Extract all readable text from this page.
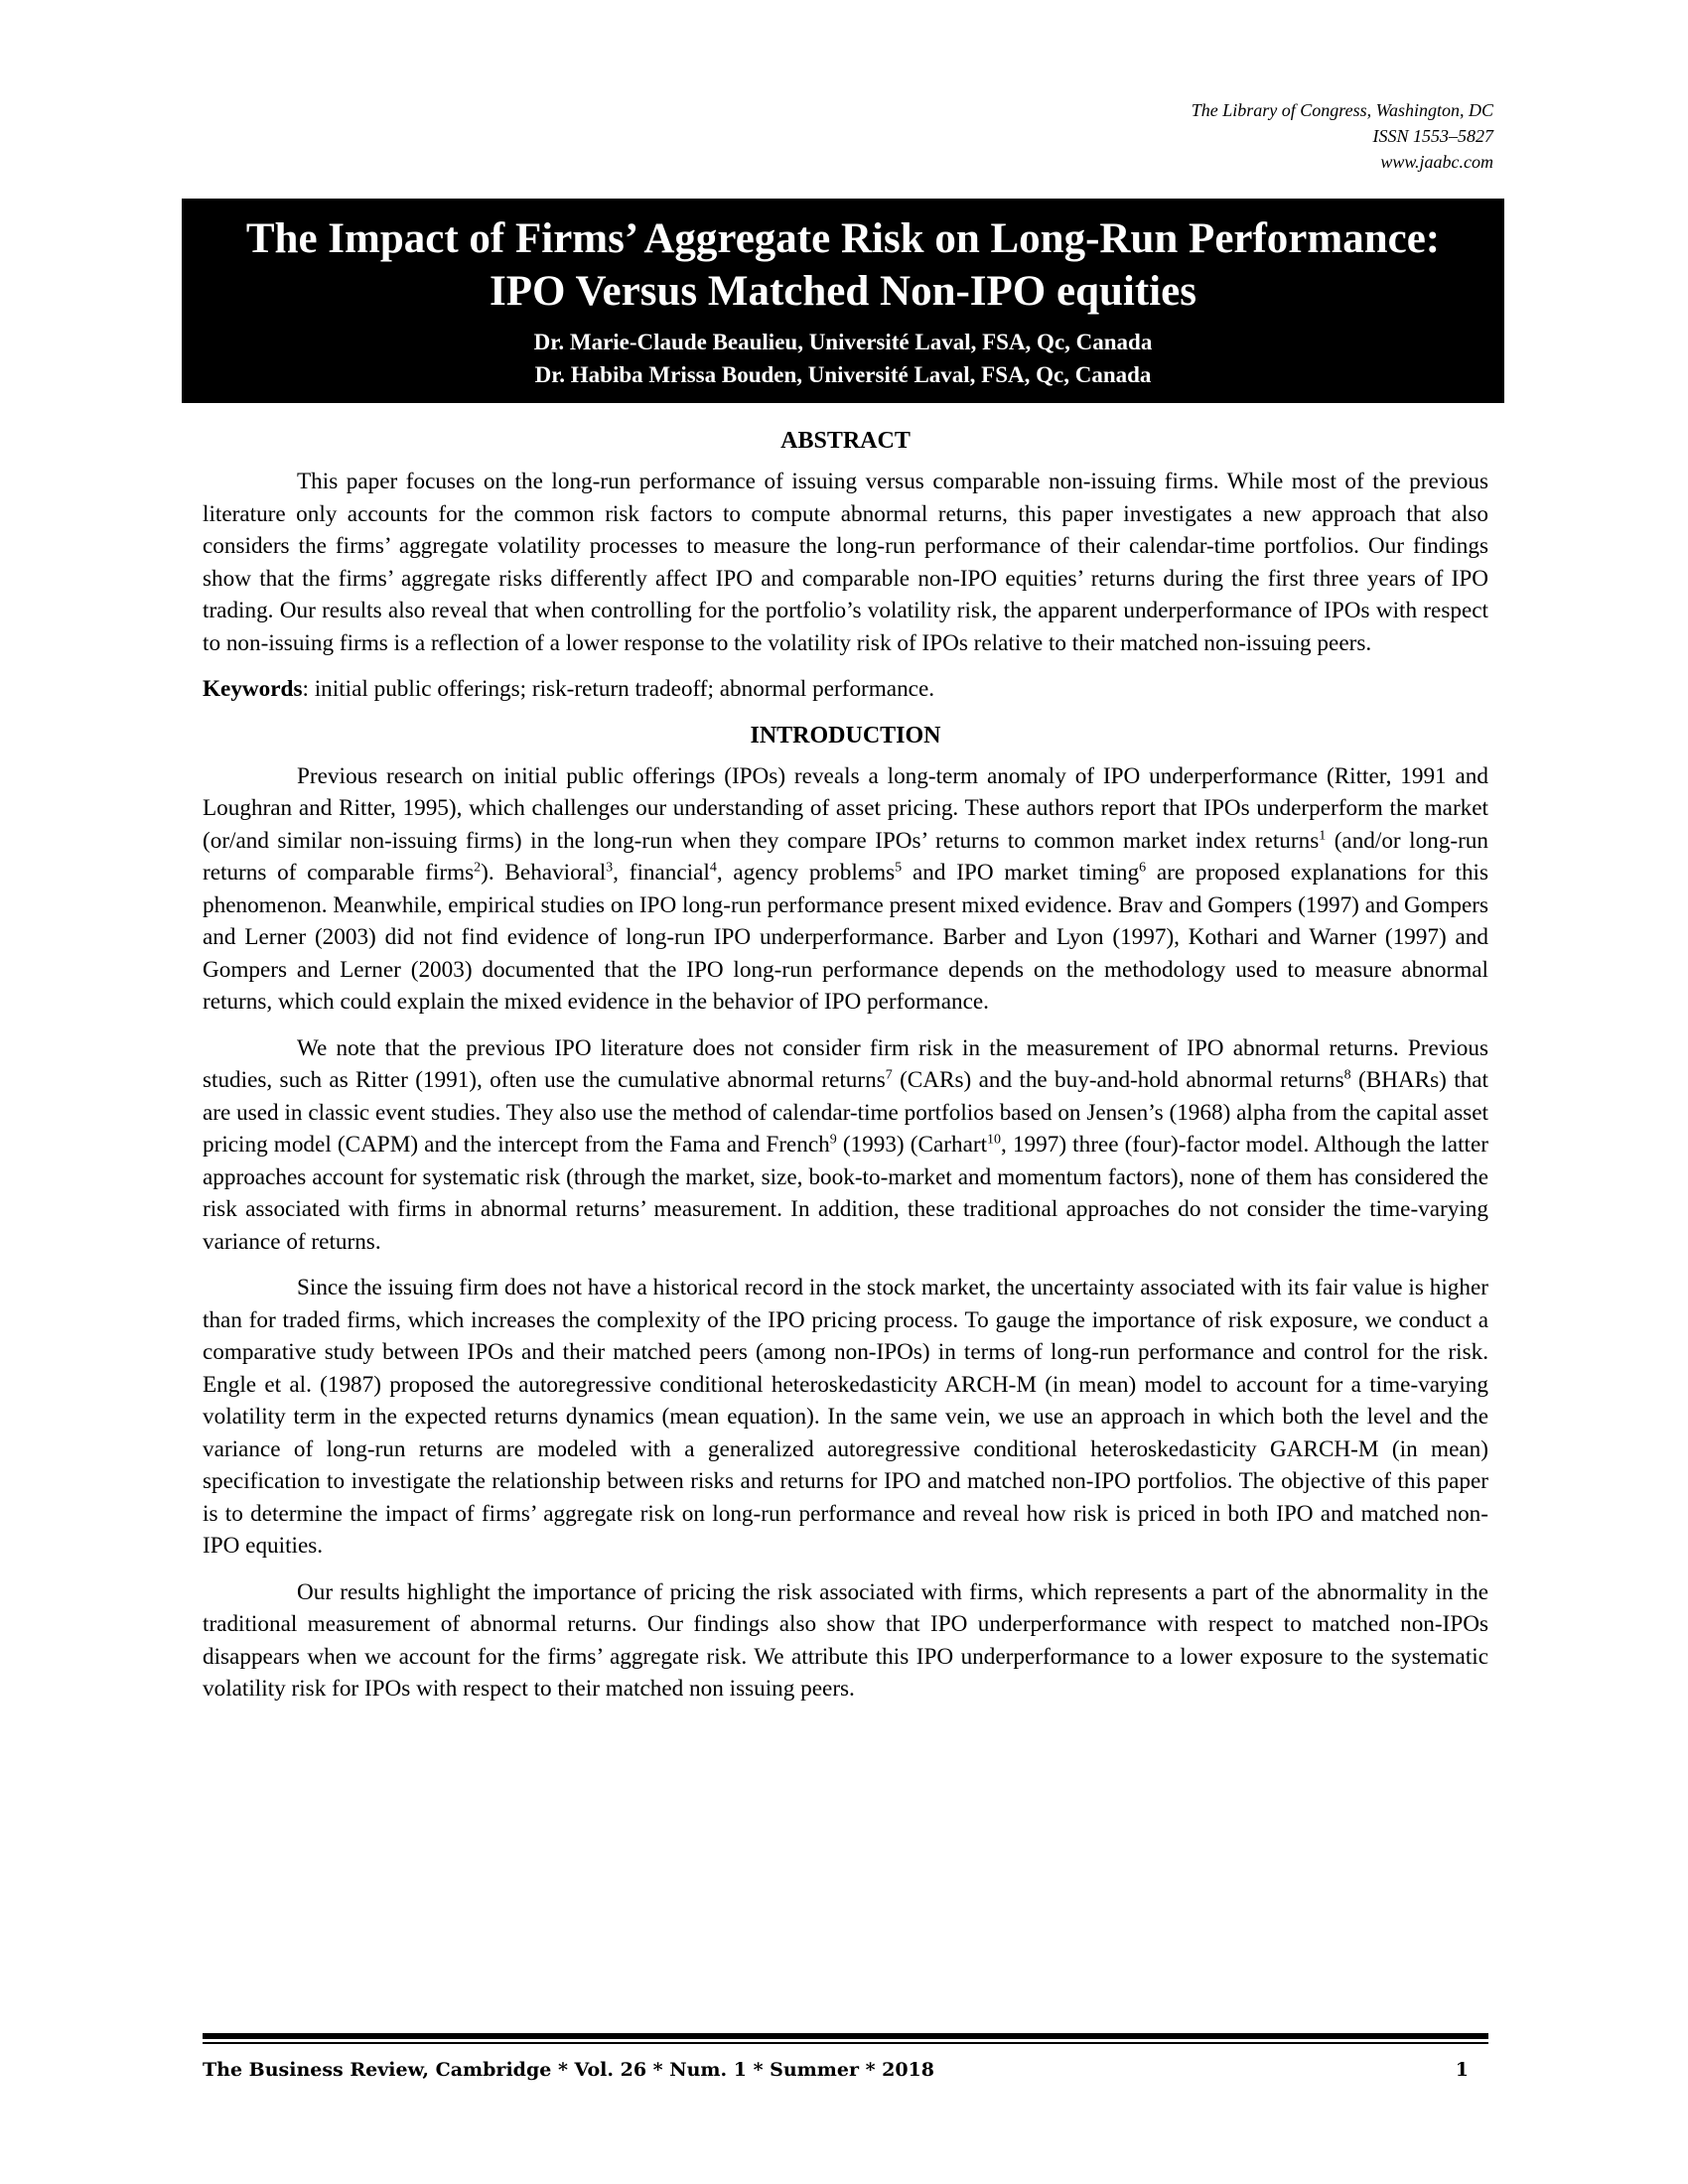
The Library of Congress, Washington, DC
ISSN 1553–5827
www.jaabc.com
The Impact of Firms’ Aggregate Risk on Long-Run Performance:
IPO Versus Matched Non-IPO equities
Dr. Marie-Claude Beaulieu, Université Laval, FSA, Qc, Canada
Dr. Habiba Mrissa Bouden, Université Laval, FSA, Qc, Canada
ABSTRACT

This paper focuses on the long-run performance of issuing versus comparable non-issuing firms. While most of the previous literature only accounts for the common risk factors to compute abnormal returns, this paper investigates a new approach that also considers the firms’ aggregate volatility processes to measure the long-run performance of their calendar-time portfolios. Our findings show that the firms’ aggregate risks differently affect IPO and comparable non-IPO equities’ returns during the first three years of IPO trading. Our results also reveal that when controlling for the portfolio’s volatility risk, the apparent underperformance of IPOs with respect to non-issuing firms is a reflection of a lower response to the volatility risk of IPOs relative to their matched non-issuing peers.

Keywords: initial public offerings; risk-return tradeoff; abnormal performance.

INTRODUCTION

Previous research on initial public offerings (IPOs) reveals a long-term anomaly of IPO underperformance (Ritter, 1991 and Loughran and Ritter, 1995), which challenges our understanding of asset pricing. These authors report that IPOs underperform the market (or/and similar non-issuing firms) in the long-run when they compare IPOs’ returns to common market index returns$^1$ (and/or long-run returns of comparable firms$^2$). Behavioral$^3$, financial$^4$, agency problems$^5$ and IPO market timing$^6$ are proposed explanations for this phenomenon. Meanwhile, empirical studies on IPO long-run performance present mixed evidence. Brav and Gompers (1997) and Gompers and Lerner (2003) did not find evidence of long-run IPO underperformance. Barber and Lyon (1997), Kothari and Warner (1997) and Gompers and Lerner (2003) documented that the IPO long-run performance depends on the methodology used to measure abnormal returns, which could explain the mixed evidence in the behavior of IPO performance.

We note that the previous IPO literature does not consider firm risk in the measurement of IPO abnormal returns. Previous studies, such as Ritter (1991), often use the cumulative abnormal returns$^7$ (CARs) and the buy-and-hold abnormal returns$^8$ (BHARs) that are used in classic event studies. They also use the method of calendar-time portfolios based on Jensen’s (1968) alpha from the capital asset pricing model (CAPM) and the intercept from the Fama and French$^9$ (1993) (Carhart$^{10}$, 1997) three (four)-factor model. Although the latter approaches account for systematic risk (through the market, size, book-to-market and momentum factors), none of them has considered the risk associated with firms in abnormal returns’ measurement. In addition, these traditional approaches do not consider the time-varying variance of returns.

Since the issuing firm does not have a historical record in the stock market, the uncertainty associated with its fair value is higher than for traded firms, which increases the complexity of the IPO pricing process. To gauge the importance of risk exposure, we conduct a comparative study between IPOs and their matched peers (among non-IPOs) in terms of long-run performance and control for the risk. Engle et al. (1987) proposed the autoregressive conditional heteroskedasticity ARCH-M (in mean) model to account for a time-varying volatility term in the expected returns dynamics (mean equation). In the same vein, we use an approach in which both the level and the variance of long-run returns are modeled with a generalized autoregressive conditional heteroskedasticity GARCH-M (in mean) specification to investigate the relationship between risks and returns for IPO and matched non-IPO portfolios. The objective of this paper is to determine the impact of firms’ aggregate risk on long-run performance and reveal how risk is priced in both IPO and matched non-IPO equities.

Our results highlight the importance of pricing the risk associated with firms, which represents a part of the abnormality in the traditional measurement of abnormal returns. Our findings also show that IPO underperformance with respect to matched non-IPOs disappears when we account for the firms’ aggregate risk. We attribute this IPO underperformance to a lower exposure to the systematic volatility risk for IPOs with respect to their matched non issuing peers.

The Business Review, Cambridge * Vol. 26 * Num. 1 * Summer * 2018	1
